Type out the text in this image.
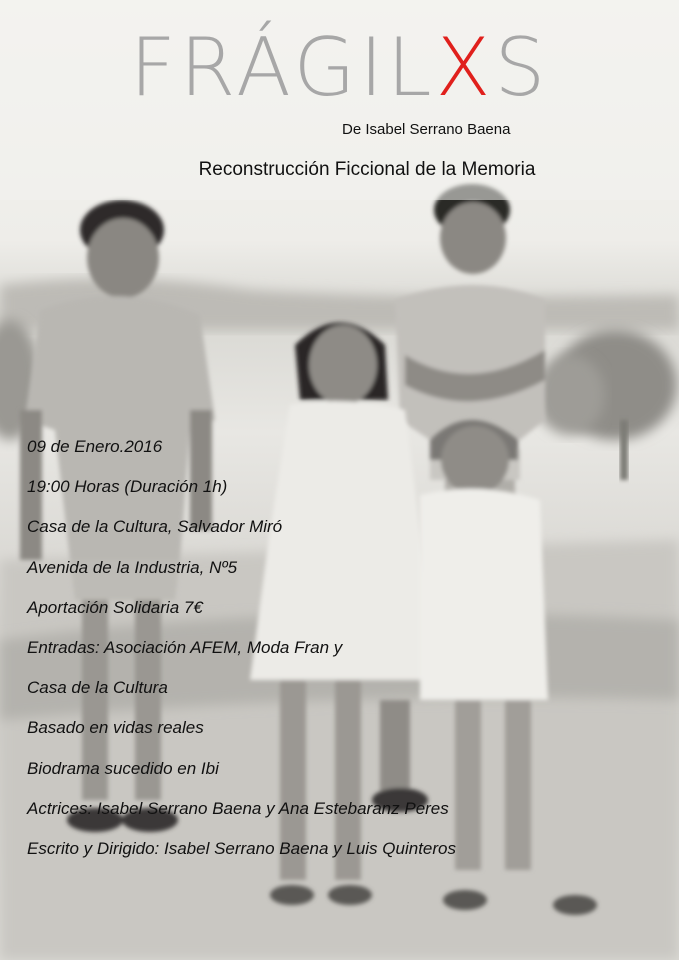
FRÁGILXS
De Isabel Serrano Baena
Reconstrucción Ficcional de la Memoria
09 de Enero.2016
19:00 Horas (Duración 1h)
Casa de la Cultura, Salvador Miró
Avenida de la Industria, Nº5
Aportación Solidaria 7€
Entradas: Asociación AFEM, Moda Fran y
Casa de la Cultura
Basado en vidas reales
Biodrama sucedido en Ibi
Actrices: Isabel Serrano Baena y Ana Estebaranz Peres
Escrito y Dirigido: Isabel Serrano Baena y Luis Quinteros
